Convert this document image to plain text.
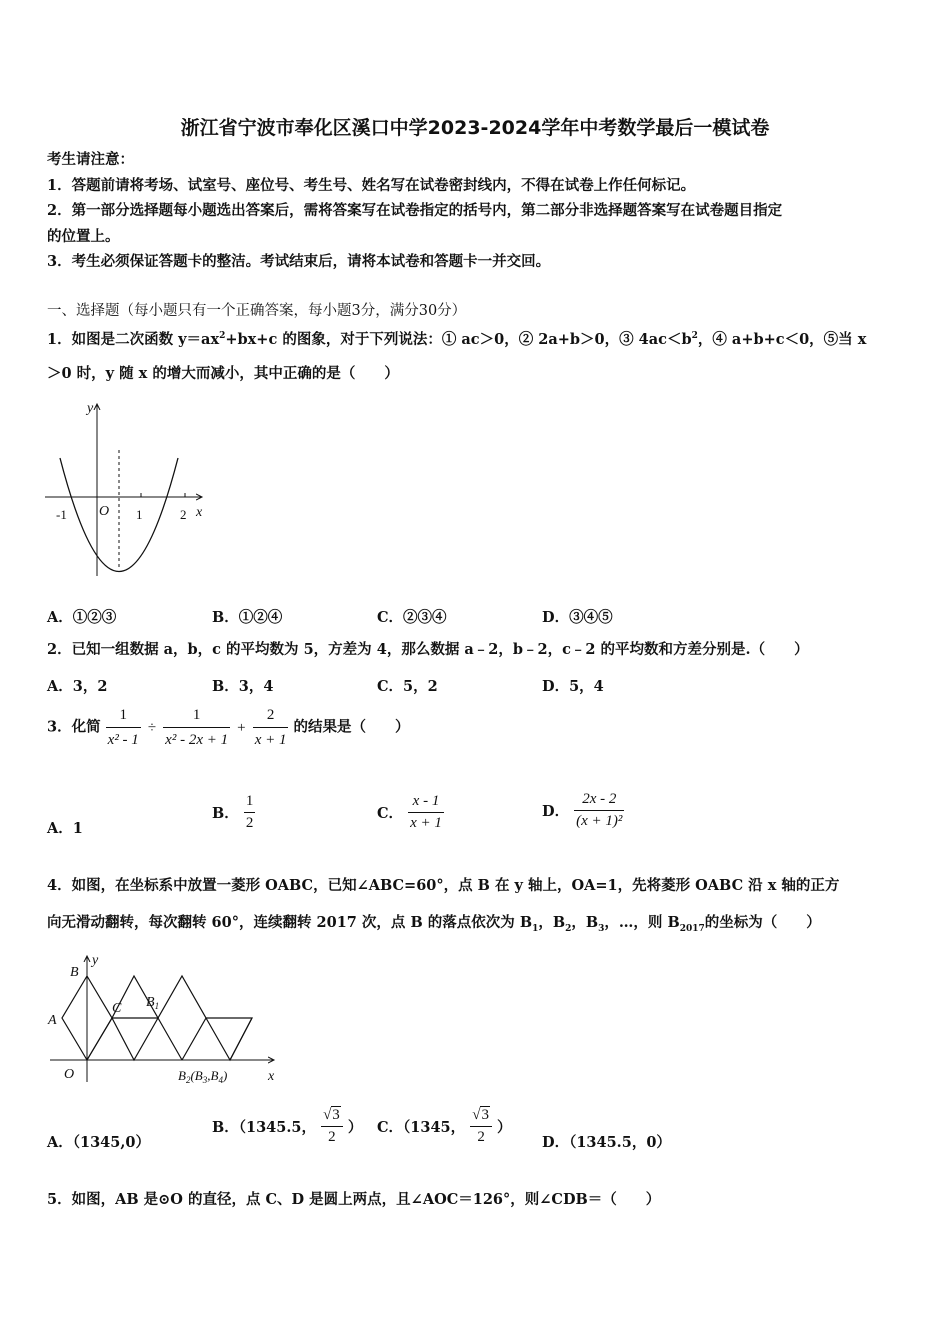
浙江省宁波市奉化区溪口中学2023-2024学年中考数学最后一模试卷
考生请注意：
1．答题前请将考场、试室号、座位号、考生号、姓名写在试卷密封线内，不得在试卷上作任何标记。
2．第一部分选择题每小题选出答案后，需将答案写在试卷指定的括号内，第二部分非选择题答案写在试卷题目指定
的位置上。
3．考生必须保证答题卡的整洁。考试结束后，请将本试卷和答题卡一并交回。
一、选择题（每小题只有一个正确答案，每小题3分，满分30分）
1．如图是二次函数 $y=ax^2+bx+c$ 的图象，对于下列说法：① ac＞0，② 2a+b＞0，③ $4ac<b^2$，④ a+b+c＜0，⑤当 x
＞0 时，y 随 x 的增大而减小，其中正确的是（　　）
y
x
O
-1	1	2
A．①②③	B．①②④	C．②③④	D．③④⑤
2．已知一组数据 a，b，c 的平均数为 5，方差为 4，那么数据 a﹣2，b﹣2，c﹣2 的平均数和方差分别是.（　　）
A．3，2	B．3，4	C．5，2	D．5，4
3．化简 $\frac{1}{\text{x² - 1}} \div \frac{1}{\text{x² - 2x + 1}} + \frac{2}{x + 1}$ 的结果是（　　）
A．1
B． $\frac{1}{2}$	C． $\frac{x - 1}{x + 1}$	D． $\frac{2x - 2}{\text{(x + 1)²}}$
4．如图，在坐标系中放置一菱形 OABC，已知∠ABC=60°，点 B 在 y 轴上，OA=1，先将菱形 OABC 沿 x 轴的正方
向无滑动翻转，每次翻转 60°，连续翻转 2017 次，点 B 的落点依次为 $B_1$，$B_2$，$B_3$，…，则 $B_{2017}$的坐标为（　　）
B
y
A
C $B_1$
O	$B_2(B_3,B_4)$	x
A．（1345,0）
B．（1345.5， $\frac{√3}{2}$ ） C．（1345， $\frac{√3}{2}$ ）
D．（1345.5，0）
5．如图，AB 是⊙O 的直径，点 C、D 是圆上两点，且∠AOC＝126°，则∠CDB＝（　　）
